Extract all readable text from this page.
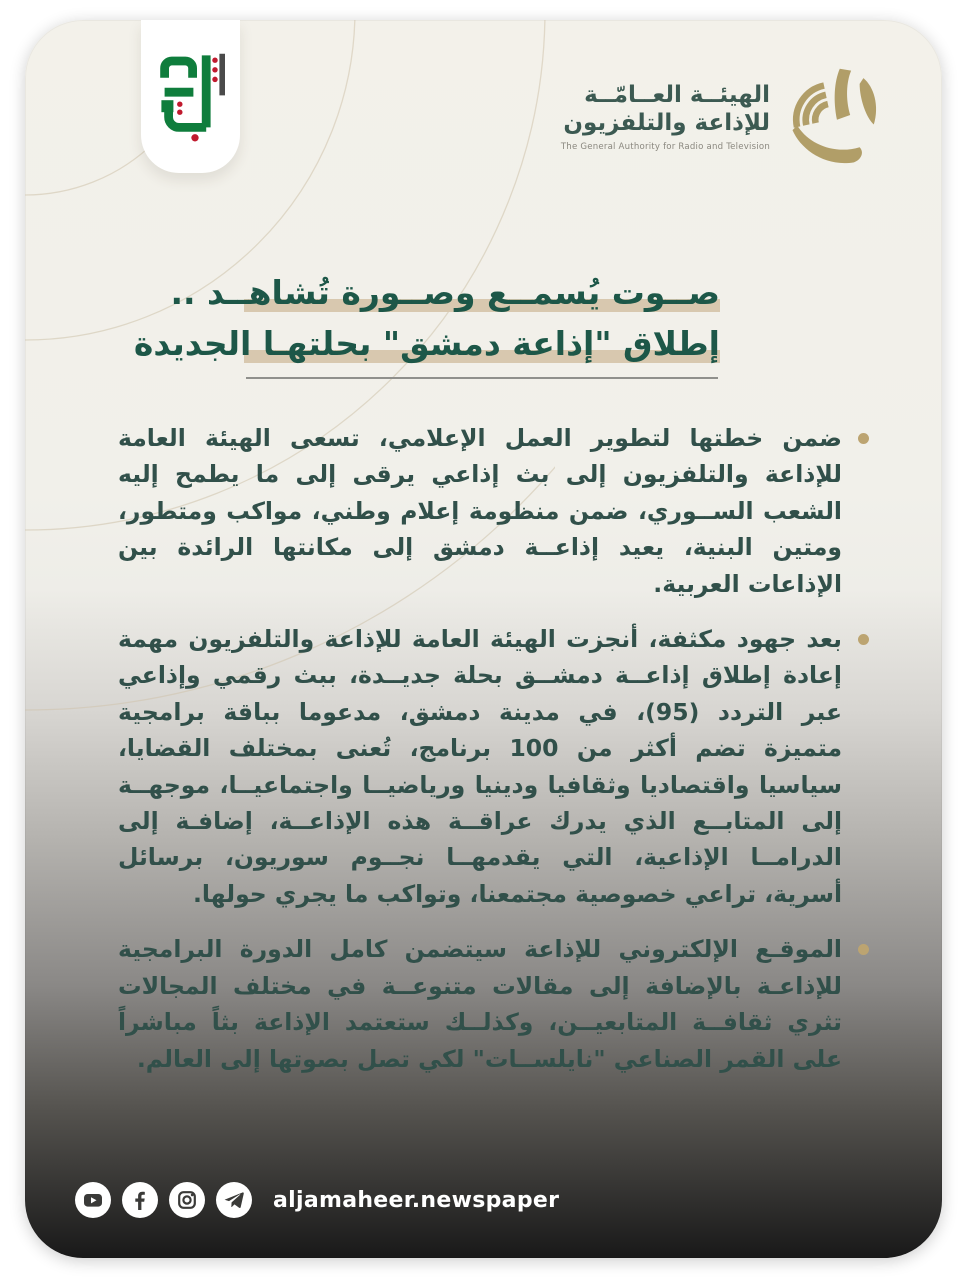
الهيئــة العــامّــة
للإذاعة والتلفزيون
The General Authority for Radio and Television
صــوت يُسمــع وصــورة تُشاهــد ..
إطلاق "إذاعة دمشق" بحلتهـا الجديدة
ضمن خطتها لتطوير العمل الإعلامي، تسعى الهيئة العامة للإذاعة والتلفزيون إلى بث إذاعي يرقى إلى ما يطمح إليه الشعب الســوري، ضمن منظومة إعلام وطني، مواكب ومتطور، ومتين البنية، يعيد إذاعــة دمشق إلى مكانتها الرائدة بين الإذاعات العربية.
بعد جهود مكثفة، أنجزت الهيئة العامة للإذاعة والتلفزيون مهمة إعادة إطلاق إذاعــة دمشــق بحلة جديــدة، ببث رقمي وإذاعي عبر التردد (95)، في مدينة دمشق، مدعوما بباقة برامجية متميزة تضم أكثر من 100 برنامج، تُعنى بمختلف القضايا، سياسيا واقتصاديا وثقافيا ودينيا ورياضيــا واجتماعيــا، موجهــة إلى المتابــع الذي يدرك عراقــة هذه الإذاعــة، إضافـة إلى الدرامــا الإذاعية، التي يقدمهــا نجــوم سوريون، برسائل أسرية، تراعي خصوصية مجتمعنا، وتواكب ما يجري حولها.
الموقـع الإلكتروني للإذاعة سيتضمن كامل الدورة البرامجية للإذاعـة بالإضافة إلى مقالات متنوعــة في مختلف المجالات تثري ثقافــة المتابعيــن، وكذلــك ستعتمد الإذاعة بثاً مباشراً على القمر الصناعي "نايلســات" لكي تصل بصوتها إلى العالم.
aljamaheer.newspaper
